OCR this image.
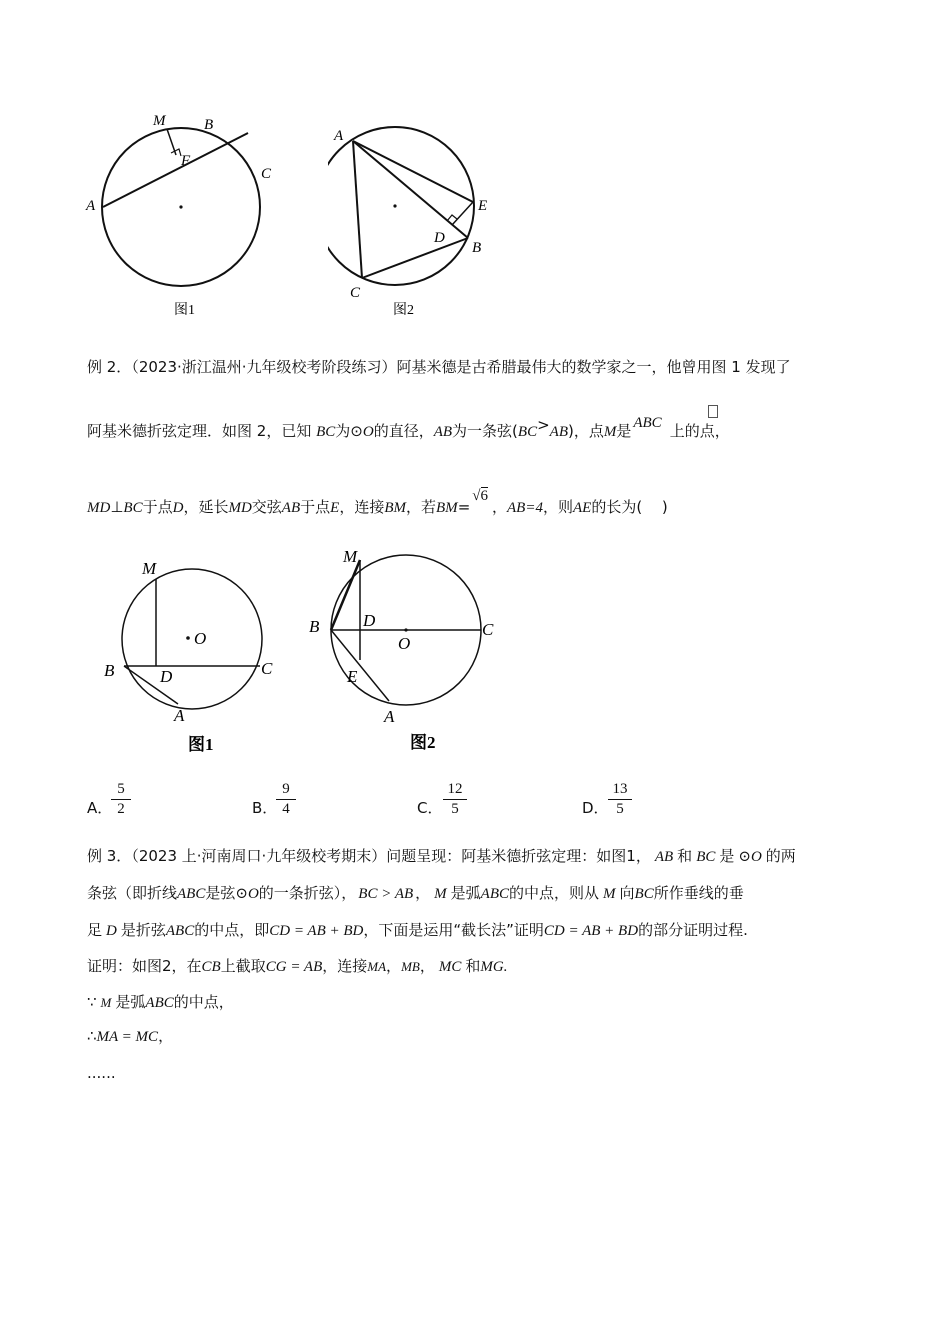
M	B
F
C
A
图1
A
E
D
B
C
图2
例 2．（2023·浙江温州·九年级校考阶段练习）阿基米德是古希腊最伟大的数学家之一，他曾用图 1 发现了
阿基米德折弦定理．如图 2，已知 BC为⊙O的直径，AB为一条弦(BC>AB)，点M是 ABC 上的点，
MD⊥BC于点D，延长MD交弦AB于点E，连接BM，若BM=√6，AB=4，则AE的长为(　 )
M
O
B	D	C
A
图1
M
B	D
O
C
E
A
图2
A．
5
2	B．
9
4	C．
12
5	D．
13
5
例 3．（2023 上·河南周口·九年级校考期末）问题呈现：阿基米德折弦定理：如图1， AB 和 BC 是 ⊙O 的两
条弦（即折线ABC是弦⊙O的一条折弦）， BC > AB ， M 是弧ABC的中点，则从 M 向BC所作垂线的垂
足 D 是折弦ABC的中点，即CD = AB + BD，下面是运用“截长法”证明CD = AB + BD的部分证明过程.
证明：如图2，在CB上截取CG = AB，连接MA，MB， MC 和MG.
∵ M 是弧ABC的中点，
∴MA = MC，
......
